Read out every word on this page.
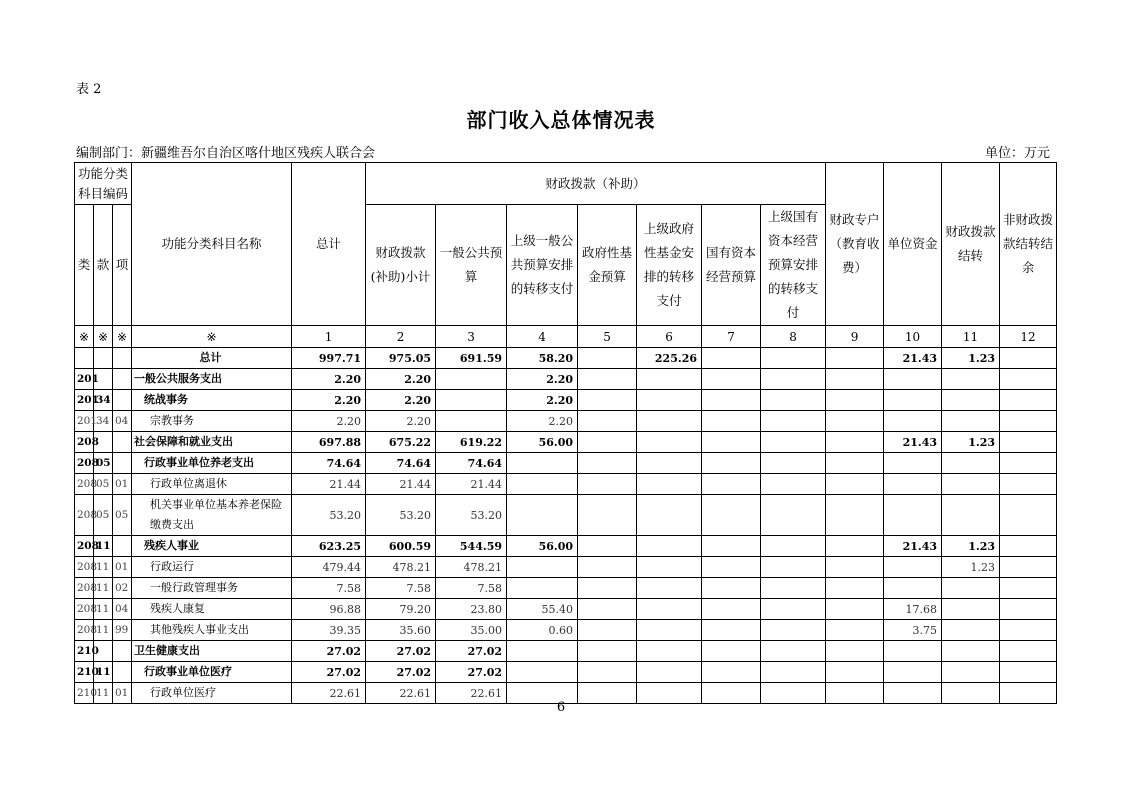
表 2
部门收入总体情况表
编制部门：新疆维吾尔自治区喀什地区残疾人联合会	单位：万元
功能分类科目编码			功能分类科目名称	总计	财政拨款（补助）							财政专户（教育收费）	单位资金	财政拨款结转	非财政拨款结转结余
类	款	项			财政拨款(补助)小计	一般公共预算	上级一般公共预算安排的转移支付	政府性基金预算	上级政府性基金安排的转移支付	国有资本经营预算	上级国有资本经营预算安排的转移支付				
※	※	※	※	1	2	3	4	5	6	7	8	9	10	11	12
			总计	997.71	975.05	691.59	58.20		225.26				21.43	1.23	
201			一般公共服务支出	2.20	2.20		2.20								
201	34		统战事务	2.20	2.20		2.20								
201	34	04	宗教事务	2.20	2.20		2.20								
208			社会保障和就业支出	697.88	675.22	619.22	56.00						21.43	1.23	
208	05		行政事业单位养老支出	74.64	74.64	74.64									
208	05	01	行政单位离退休	21.44	21.44	21.44									
208	05	05	机关事业单位基本养老保险缴费支出	53.20	53.20	53.20									
208	11		残疾人事业	623.25	600.59	544.59	56.00						21.43	1.23	
208	11	01	行政运行	479.44	478.21	478.21								1.23	
208	11	02	一般行政管理事务	7.58	7.58	7.58									
208	11	04	残疾人康复	96.88	79.20	23.80	55.40						17.68		
208	11	99	其他残疾人事业支出	39.35	35.60	35.00	0.60						3.75		
210			卫生健康支出	27.02	27.02	27.02									
210	11		行政事业单位医疗	27.02	27.02	27.02									
210	11	01	行政单位医疗	22.61	22.61	22.61									
6
